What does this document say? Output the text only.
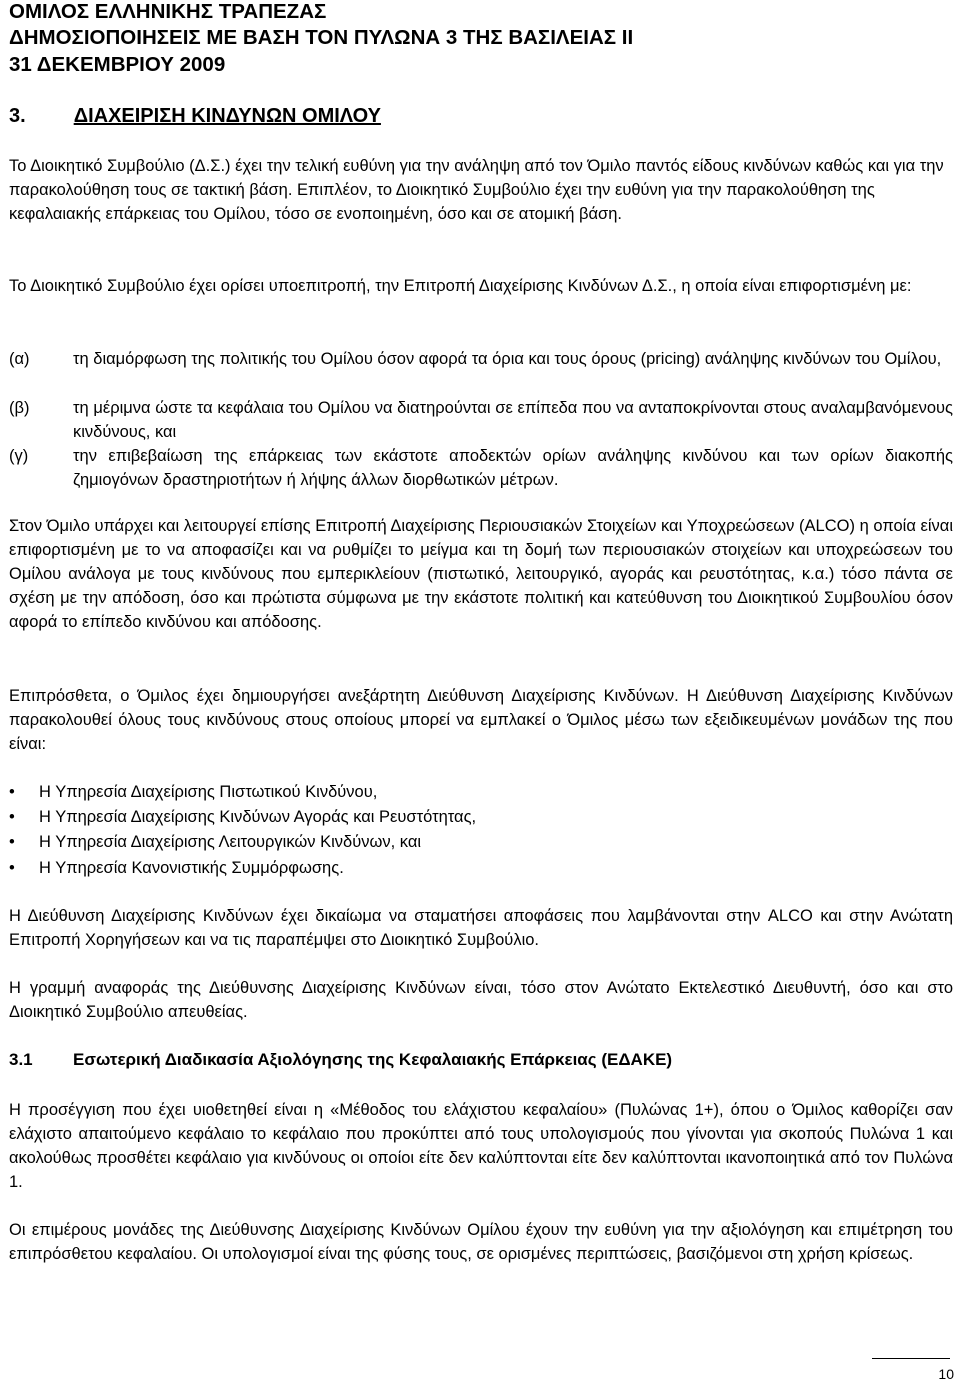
ΟΜΙΛΟΣ ΕΛΛΗΝΙΚΗΣ ΤΡΑΠΕΖΑΣ
ΔΗΜΟΣΙΟΠΟΙΗΣΕΙΣ ΜΕ ΒΑΣΗ ΤΟΝ ΠΥΛΩΝΑ 3 ΤΗΣ ΒΑΣΙΛΕΙΑΣ ΙΙ
31 ΔΕΚΕΜΒΡΙΟΥ 2009
3. ΔΙΑΧΕΙΡΙΣΗ ΚΙΝΔΥΝΩΝ ΟΜΙΛΟΥ

Το Διοικητικό Συμβούλιο (Δ.Σ.) έχει την τελική ευθύνη για την ανάληψη από τον Όμιλο παντός είδους κινδύνων καθώς και για την παρακολούθηση τους σε τακτική βάση. Επιπλέον, το Διοικητικό Συμβούλιο έχει την ευθύνη για την παρακολούθηση της κεφαλαιακής επάρκειας του Ομίλου, τόσο σε ενοποιημένη, όσο και σε ατομική βάση.

Το Διοικητικό Συμβούλιο έχει ορίσει υποεπιτροπή, την Επιτροπή Διαχείρισης Κινδύνων Δ.Σ., η οποία είναι επιφορτισμένη με:

(α)	τη διαμόρφωση της πολιτικής του Ομίλου όσον αφορά τα όρια και τους όρους (pricing) ανάληψης κινδύνων του Ομίλου,
(β)	τη μέριμνα ώστε τα κεφάλαια του Ομίλου να διατηρούνται σε επίπεδα που να ανταποκρίνονται στους αναλαμβανόμενους κινδύνους, και
(γ)	την επιβεβαίωση της επάρκειας των εκάστοτε αποδεκτών ορίων ανάληψης κινδύνου και των ορίων διακοπής ζημιογόνων δραστηριοτήτων ή λήψης άλλων διορθωτικών μέτρων.

Στον Όμιλο υπάρχει και λειτουργεί επίσης Επιτροπή Διαχείρισης Περιουσιακών Στοιχείων και Υποχρεώσεων (ALCO) η οποία είναι επιφορτισμένη με το να αποφασίζει και να ρυθμίζει το μείγμα και τη δομή των περιουσιακών στοιχείων και υποχρεώσεων του Ομίλου ανάλογα με τους κινδύνους που εμπερικλείουν (πιστωτικό, λειτουργικό, αγοράς και ρευστότητας, κ.α.) τόσο πάντα σε σχέση με την απόδοση, όσο και πρώτιστα σύμφωνα με την εκάστοτε πολιτική και κατεύθυνση του Διοικητικού Συμβουλίου όσον αφορά το επίπεδο κινδύνου και απόδοσης.

Επιπρόσθετα, ο Όμιλος έχει δημιουργήσει ανεξάρτητη Διεύθυνση Διαχείρισης Κινδύνων. Η Διεύθυνση Διαχείρισης Κινδύνων παρακολουθεί όλους τους κινδύνους στους οποίους μπορεί να εμπλακεί ο Όμιλος μέσω των εξειδικευμένων μονάδων της που είναι:

• Η Υπηρεσία Διαχείρισης Πιστωτικού Κινδύνου,
• Η Υπηρεσία Διαχείρισης Κινδύνων Αγοράς και Ρευστότητας,
• Η Υπηρεσία Διαχείρισης Λειτουργικών Κινδύνων, και
• Η Υπηρεσία Κανονιστικής Συμμόρφωσης.

Η Διεύθυνση Διαχείρισης Κινδύνων έχει δικαίωμα να σταματήσει αποφάσεις που λαμβάνονται στην ALCO και στην Ανώτατη Επιτροπή Χορηγήσεων και να τις παραπέμψει στο Διοικητικό Συμβούλιο.

Η γραμμή αναφοράς της Διεύθυνσης Διαχείρισης Κινδύνων είναι, τόσο στον Ανώτατο Εκτελεστικό Διευθυντή, όσο και στο Διοικητικό Συμβούλιο απευθείας.

3.1 Εσωτερική Διαδικασία Αξιολόγησης της Κεφαλαιακής Επάρκειας (ΕΔΑΚΕ)

Η προσέγγιση που έχει υιοθετηθεί είναι η «Μέθοδος του ελάχιστου κεφαλαίου» (Πυλώνας 1+), όπου ο Όμιλος καθορίζει σαν ελάχιστο απαιτούμενο κεφάλαιο το κεφάλαιο που προκύπτει από τους υπολογισμούς που γίνονται για σκοπούς Πυλώνα 1 και ακολούθως προσθέτει κεφάλαιο για κινδύνους οι οποίοι είτε δεν καλύπτονται είτε δεν καλύπτονται ικανοποιητικά από τον Πυλώνα 1.

Οι επιμέρους μονάδες της Διεύθυνσης Διαχείρισης Κινδύνων Ομίλου έχουν την ευθύνη για την αξιολόγηση και επιμέτρηση του επιπρόσθετου κεφαλαίου. Οι υπολογισμοί είναι της φύσης τους, σε ορισμένες περιπτώσεις, βασιζόμενοι στη χρήση κρίσεως.

10
